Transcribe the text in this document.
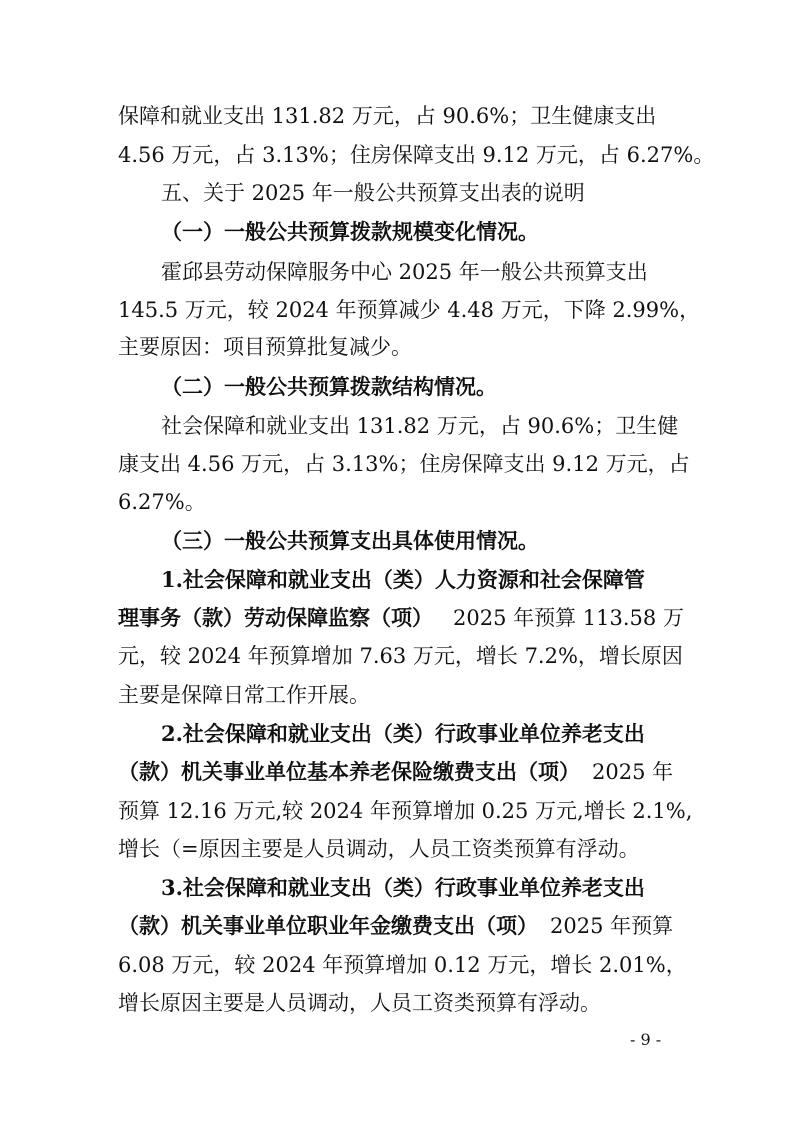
保障和就业支出 131.82 万元，占 90.6%；卫生健康支出
4.56 万元，占 3.13%；住房保障支出 9.12 万元，占 6.27%。
五、关于 2025 年一般公共预算支出表的说明
（一）一般公共预算拨款规模变化情况。
霍邱县劳动保障服务中心 2025 年一般公共预算支出
145.5 万元，较 2024 年预算减少 4.48 万元，下降 2.99%，
主要原因：项目预算批复减少。
（二）一般公共预算拨款结构情况。
社会保障和就业支出 131.82 万元，占 90.6%；卫生健
康支出 4.56 万元，占 3.13%；住房保障支出 9.12 万元，占
6.27%。
（三）一般公共预算支出具体使用情况。
1.社会保障和就业支出（类）人力资源和社会保障管
理事务（款）劳动保障监察（项） 2025 年预算 113.58 万
元，较 2024 年预算增加 7.63 万元，增长 7.2%，增长原因
主要是保障日常工作开展。
2.社会保障和就业支出（类）行政事业单位养老支出
（款）机关事业单位基本养老保险缴费支出（项） 2025 年
预算 12.16 万元,较 2024 年预算增加 0.25 万元,增长 2.1%,
增长（=原因主要是人员调动，人员工资类预算有浮动。
3.社会保障和就业支出（类）行政事业单位养老支出
（款）机关事业单位职业年金缴费支出（项） 2025 年预算
6.08 万元，较 2024 年预算增加 0.12 万元，增长 2.01%，
增长原因主要是人员调动，人员工资类预算有浮动。
- 9 -
